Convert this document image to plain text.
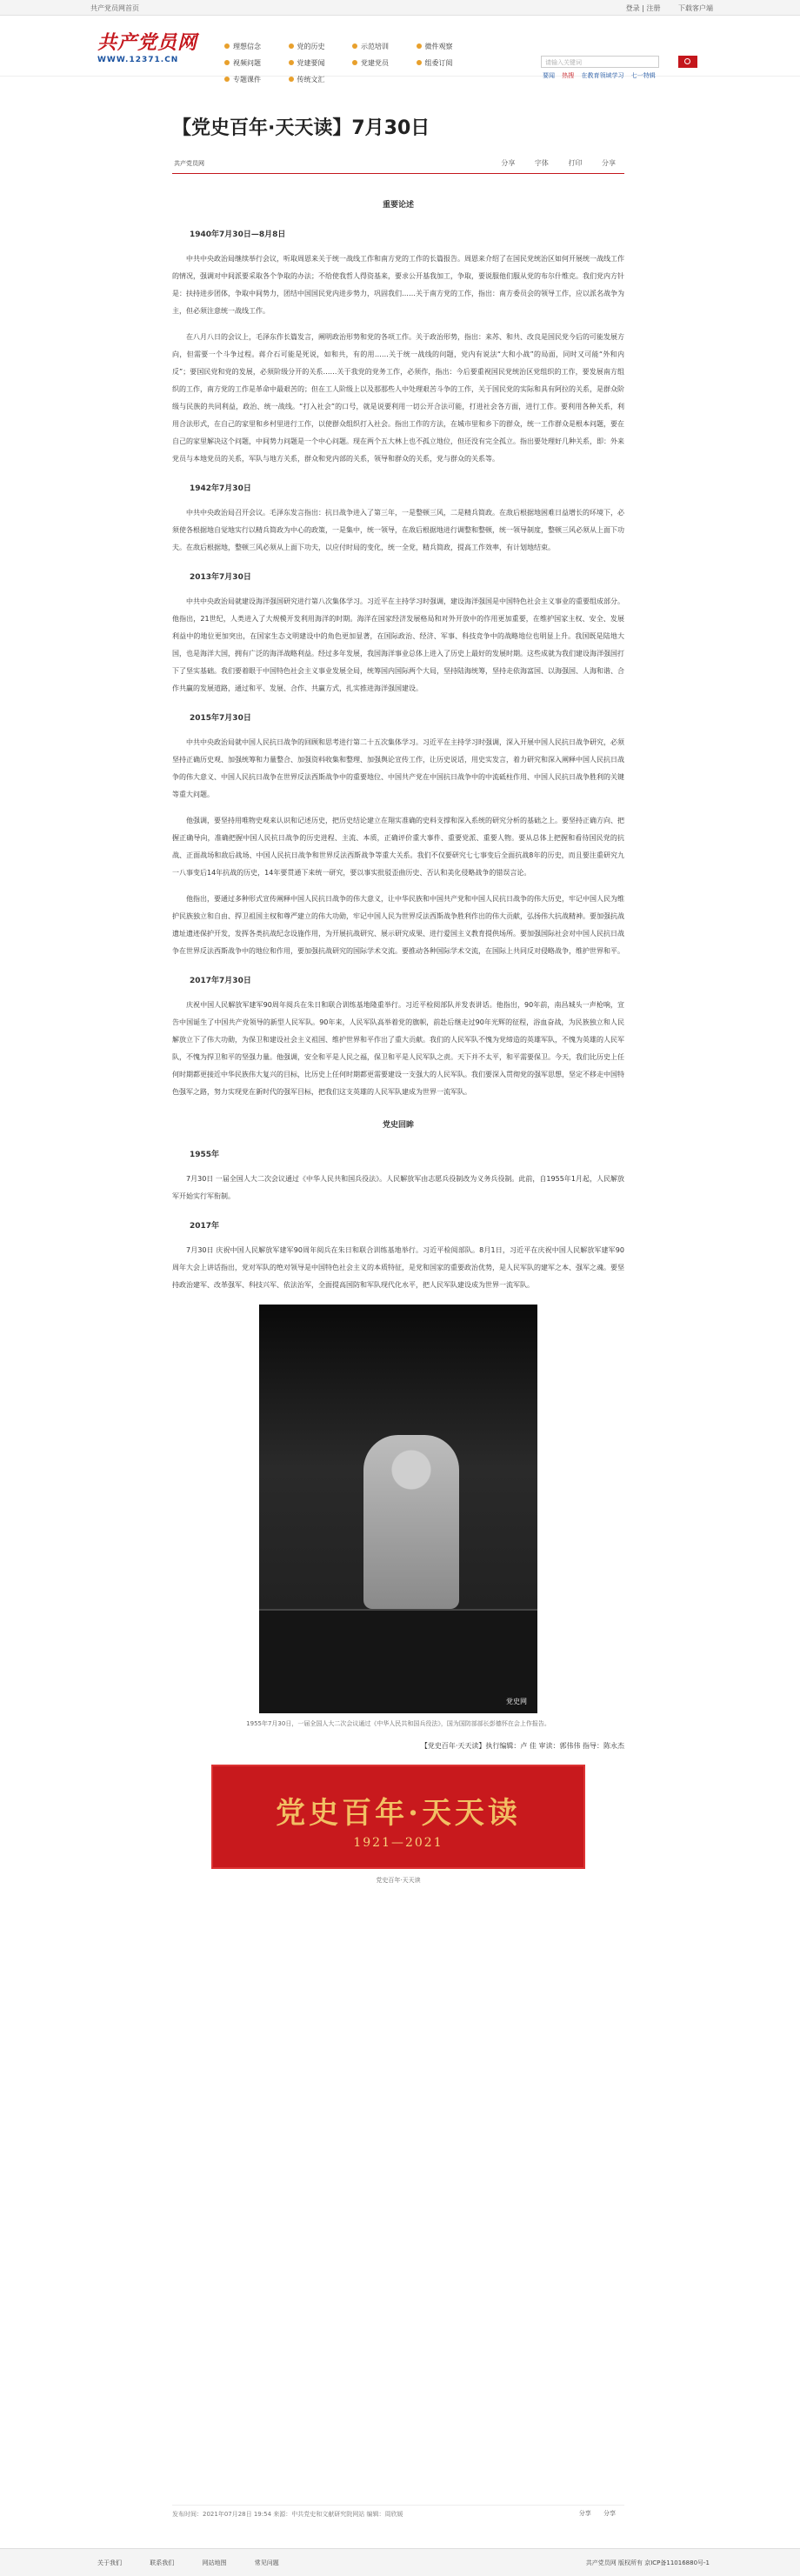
共产党员网首页	登录 | 注册	下载客户端
共产党员网
WWW.12371.CN
理想信念	党的历史	示范培训	微件观察 视频问题	党建要闻	党建党员	组委订阅 专题课件	传统文汇
请输入关键词
要闻 热搜 在教育领域学习 七一特辑
【党史百年·天天读】7月30日
共产党员网	分享	字体	打印	分享
重要论述
1940年7月30日—8月8日

中共中央政治局继续举行会议，听取周恩来关于统一战线工作和南方党的工作的长篇报告。周恩来介绍了在国民党统治区如何开展统一战线工作的情况，强调对中间派要采取各个争取的办法；不给使我哲人得资基来，要求公开基我加工，争取，要说服他们服从党的布尔什维克。我们党内方针是：扶持进步团体，争取中间势力，团结中国国民党内进步势力，巩固我们……关于南方党的工作，指出：南方委员会的领导工作，应以派名战争为主，但必须注意统一战线工作。

在八月八日的会议上，毛泽东作长篇发言，阐明政治形势和党的各项工作。关于政治形势，指出：来苏、和共、改良是国民党今后的可能发展方向，但需要一个斗争过程。蒋介石可能是死说，如和共，有的用……关于统一战线的问题，党内有说法“大和小战”的局面，同时又可能“外和内反”；要国民党和党的发展，必须阶级分开的关系……关于我党的党务工作，必须作，指出：今后要重视国民党统治区党组织的工作，要发展南方组织的工作，南方党的工作是革命中最艰苦的；但在工人阶级上以及那那些人中处理艰苦斗争的工作，关于国民党的实际和具有阿拉的关系，是群众阶级与民族的共同利益，政治、统一战线。“打入社会”的口号，就是说要利用一切公开合法可能，打进社会各方面，进行工作。要利用各种关系，利用合法形式，在自己的家里和乡村里进行工作，以使群众组织打入社会。指出工作的方法，在城市里和乡下的群众，统一工作群众是根本问题，要在自己的家里解决这个问题，中间势力问题是一个中心问题。现在两个五大林上也不孤立地位，但还没有完全孤立。指出要处理好几种关系，即：外来党员与本地党员的关系，军队与地方关系，群众和党内部的关系，领导和群众的关系，党与群众的关系等。

1942年7月30日

中共中央政治局召开会议。毛泽东发言指出：抗日战争进入了第三年，一是整顿三风，二是精兵简政。在敌后根据地困难日益增长的环境下，必须使各根据地自觉地实行以精兵简政为中心的政策，一是集中，统一领导，在敌后根据地进行调整和整顿，统一领导制度，整顿三风必须从上面下功夫。在敌后根据地，整顿三风必须从上面下功夫，以应付时局的变化，统一全党，精兵简政，提高工作效率，有计划地结束。

2013年7月30日

中共中央政治局就建设海洋强国研究进行第八次集体学习。习近平在主持学习时强调，建设海洋强国是中国特色社会主义事业的重要组成部分。他指出，21世纪，人类进入了大规模开发利用海洋的时期。海洋在国家经济发展格局和对外开放中的作用更加重要，在维护国家主权、安全、发展利益中的地位更加突出，在国家生态文明建设中的角色更加显著，在国际政治、经济、军事、科技竞争中的战略地位也明显上升。我国既是陆地大国，也是海洋大国，拥有广泛的海洋战略利益。经过多年发展，我国海洋事业总体上进入了历史上最好的发展时期。这些成就为我们建设海洋强国打下了坚实基础。我们要着眼于中国特色社会主义事业发展全局，统筹国内国际两个大局，坚持陆海统筹，坚持走依海富国、以海强国、人海和谐、合作共赢的发展道路，通过和平、发展、合作、共赢方式，扎实推进海洋强国建设。

2015年7月30日

中共中央政治局就中国人民抗日战争的回顾和思考进行第二十五次集体学习。习近平在主持学习时强调，深入开展中国人民抗日战争研究，必须坚持正确历史观、加强统筹和力量整合、加强资料收集和整理、加强舆论宣传工作，让历史说话，用史实发言，着力研究和深入阐释中国人民抗日战争的伟大意义、中国人民抗日战争在世界反法西斯战争中的重要地位、中国共产党在中国抗日战争中的中流砥柱作用、中国人民抗日战争胜利的关键等重大问题。

他强调，要坚持用唯物史观来认识和记述历史，把历史结论建立在翔实准确的史料支撑和深入系统的研究分析的基础之上。要坚持正确方向、把握正确导向，准确把握中国人民抗日战争的历史进程、主流、本质，正确评价重大事件、重要党派、重要人物。要从总体上把握和看待国民党的抗战、正面战场和敌后战场、中国人民抗日战争和世界反法西斯战争等重大关系。我们不仅要研究七七事变后全面抗战8年的历史，而且要注重研究九一八事变后14年抗战的历史，14年要贯通下来统一研究，要以事实批驳歪曲历史、否认和美化侵略战争的错误言论。

他指出，要通过多种形式宣传阐释中国人民抗日战争的伟大意义，让中华民族和中国共产党和中国人民抗日战争的伟大历史，牢记中国人民为维护民族独立和自由、捍卫祖国主权和尊严建立的伟大功勋，牢记中国人民为世界反法西斯战争胜利作出的伟大贡献，弘扬伟大抗战精神。要加强抗战遗址遗迹保护开发，发挥各类抗战纪念设施作用，为开展抗战研究、展示研究成果、进行爱国主义教育提供场所。要加强国际社会对中国人民抗日战争在世界反法西斯战争中的地位和作用，要加强抗战研究的国际学术交流。要推动各种国际学术交流，在国际上共同反对侵略战争，维护世界和平。

2017年7月30日

庆祝中国人民解放军建军90周年阅兵在朱日和联合训练基地隆重举行。习近平检阅部队并发表讲话。他指出，90年前，南昌城头一声枪响，宣告中国诞生了中国共产党领导的新型人民军队。90年来，人民军队高举着党的旗帜，前赴后继走过90年光辉的征程，浴血奋战，为民族独立和人民解放立下了伟大功勋，为保卫和建设社会主义祖国、维护世界和平作出了重大贡献。我们的人民军队不愧为党缔造的英雄军队，不愧为英雄的人民军队，不愧为捍卫和平的坚强力量。他强调，安全和平是人民之福，保卫和平是人民军队之责。天下并不太平，和平需要保卫。今天，我们比历史上任何时期都更接近中华民族伟大复兴的目标，比历史上任何时期都更需要建设一支强大的人民军队。我们要深入贯彻党的强军思想，坚定不移走中国特色强军之路，努力实现党在新时代的强军目标，把我们这支英雄的人民军队建成为世界一流军队。

党史回眸
1955年

7月30日 一届全国人大二次会议通过《中华人民共和国兵役法》。人民解放军由志愿兵役制改为义务兵役制。此前，自1955年1月起，人民解放军开始实行军衔制。

2017年

7月30日 庆祝中国人民解放军建军90周年阅兵在朱日和联合训练基地举行。习近平检阅部队。8月1日，习近平在庆祝中国人民解放军建军90周年大会上讲话指出，党对军队的绝对领导是中国特色社会主义的本质特征，是党和国家的重要政治优势，是人民军队的建军之本、强军之魂。要坚持政治建军、改革强军、科技兴军、依法治军，全面提高国防和军队现代化水平，把人民军队建设成为世界一流军队。

党史网
1955年7月30日，一届全国人大二次会议通过《中华人民共和国兵役法》，国为国防部部长彭德怀在会上作报告。
【党史百年·天天读】执行编辑：卢 佳 审读：郭伟伟 指导：陈永杰
党史百年·天天读
1921—2021
党史百年·天天读
发布时间：2021年07月28日 19:54 来源：中共党史和文献研究院网站 编辑：周欣媛	分享 分享
关于我们	联系我们	网站地图	常见问题	共产党员网 版权所有 京ICP备11016880号-1
